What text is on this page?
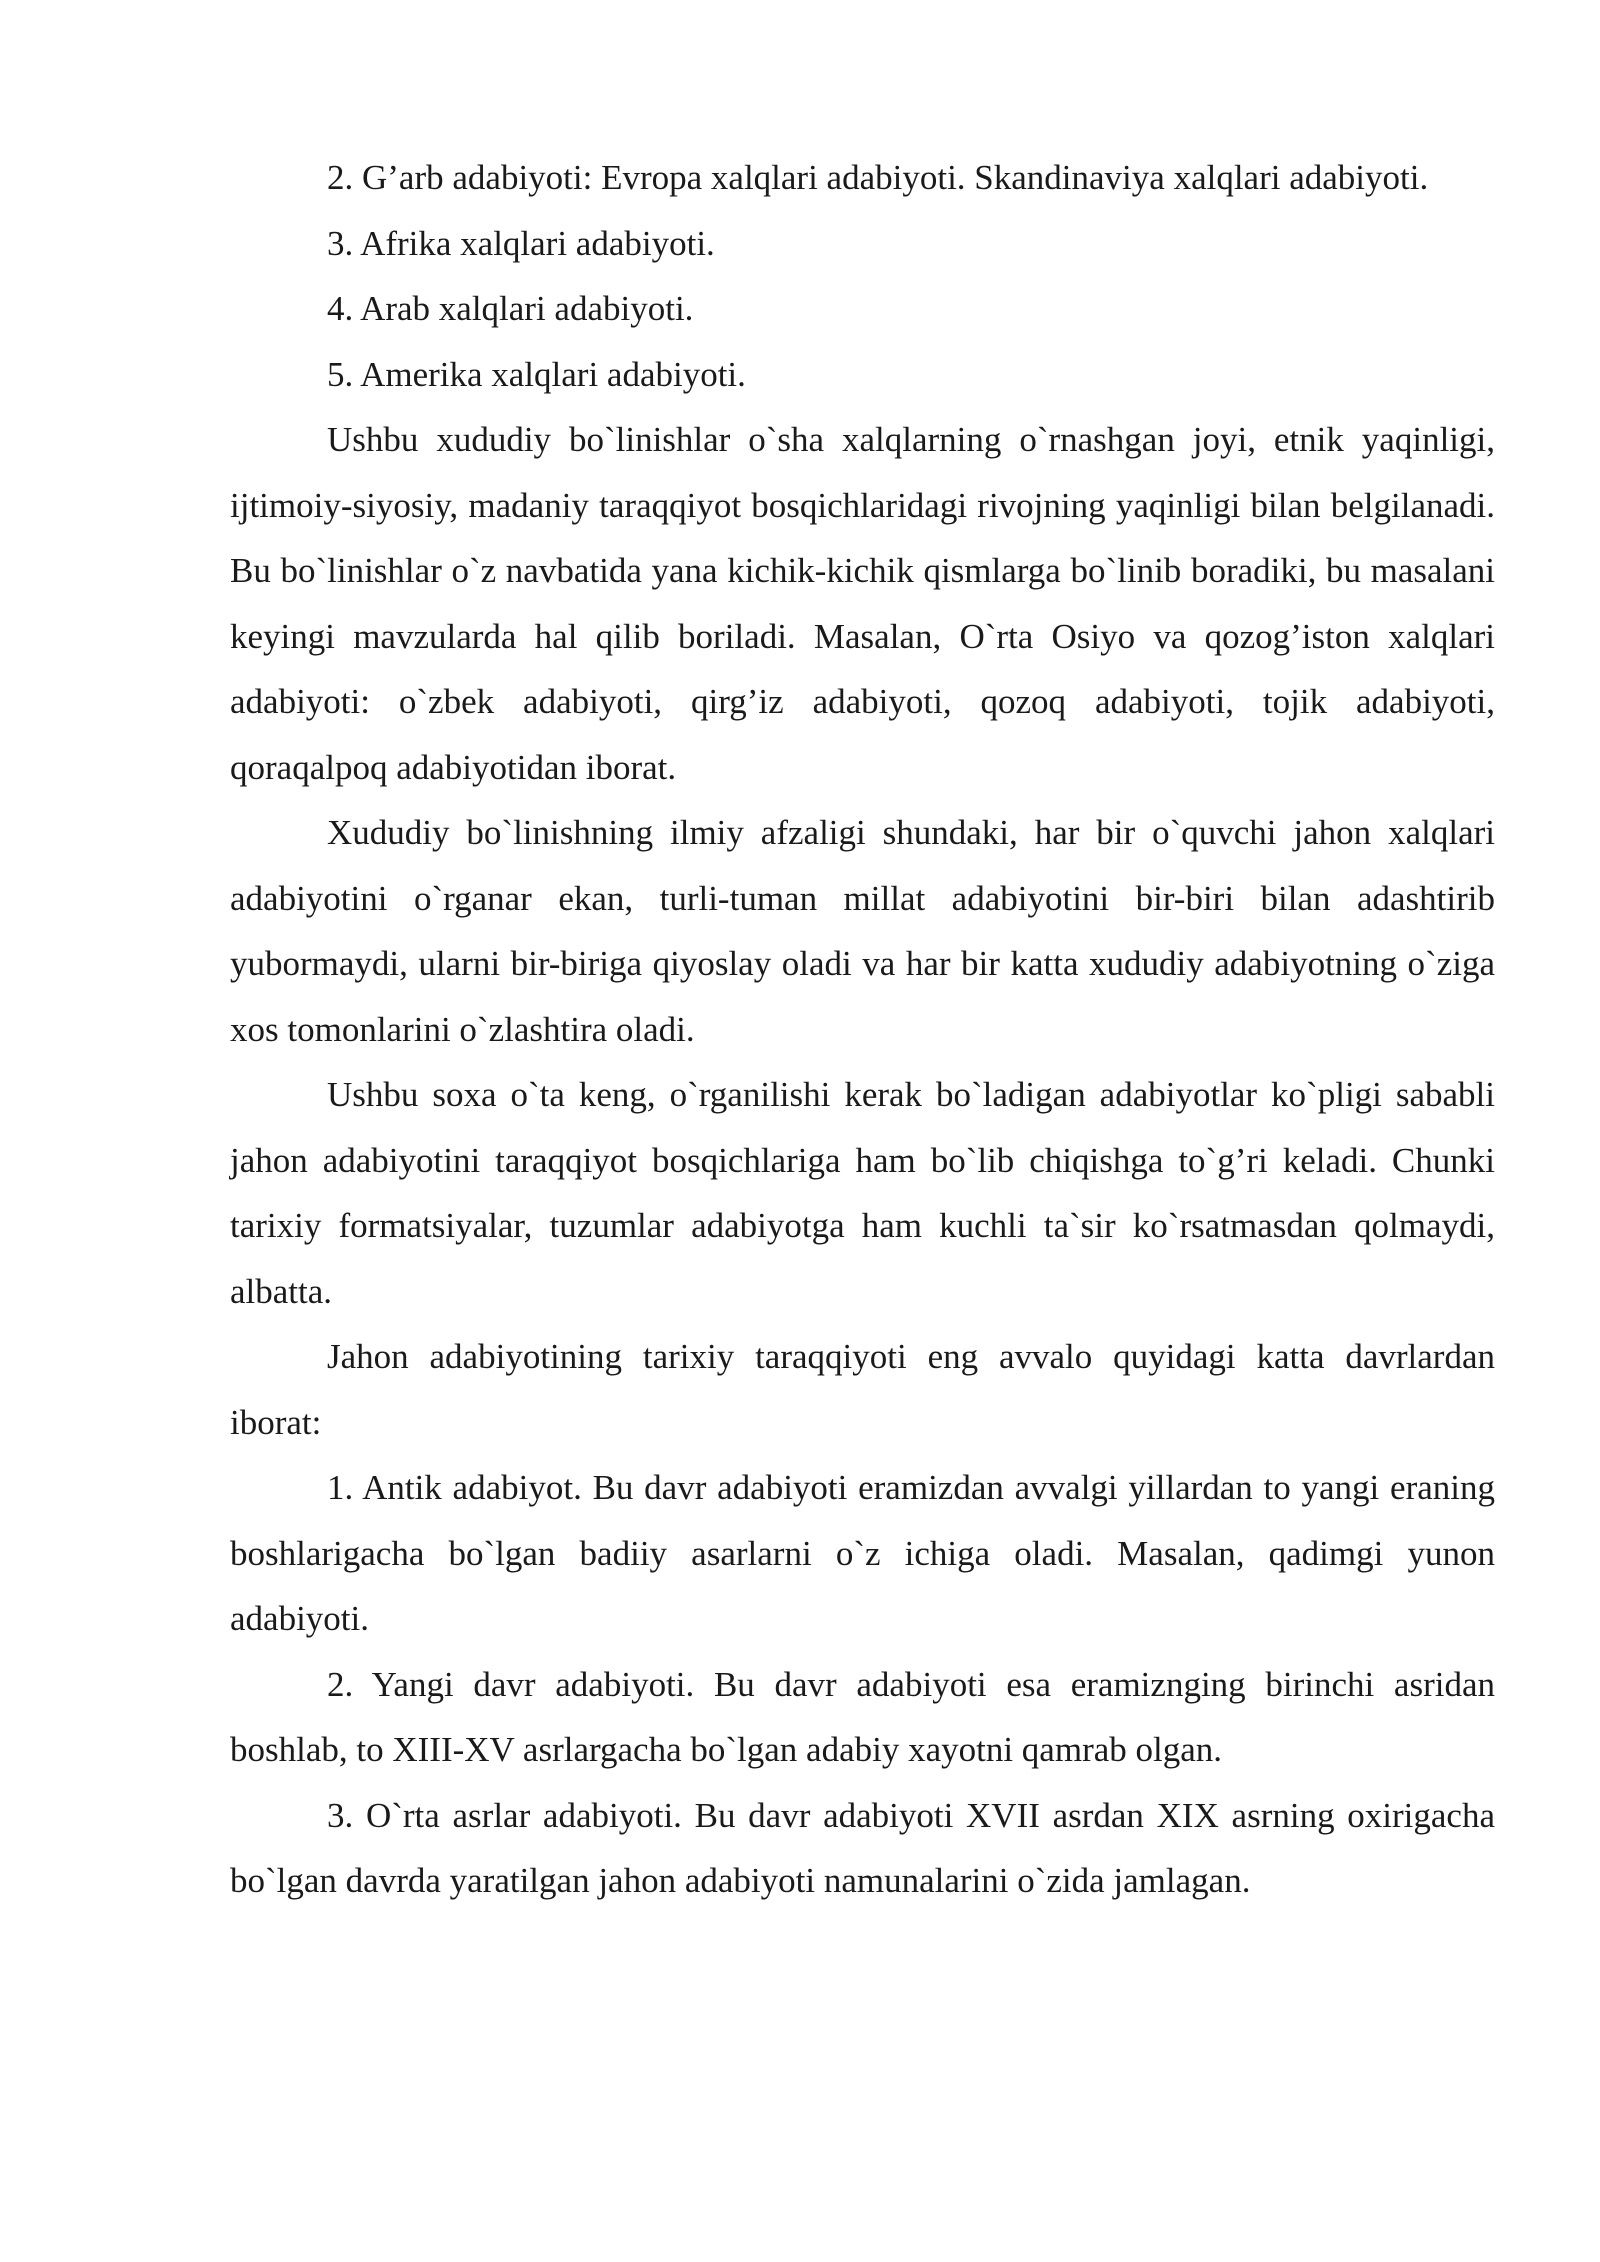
2. G’arb adabiyoti: Evropa xalqlari adabiyoti. Skandinaviya xalqlari adabiyoti.

3. Afrika xalqlari adabiyoti.

4. Arab xalqlari adabiyoti.

5. Amerika xalqlari adabiyoti.

Ushbu xududiy bo`linishlar o`sha xalqlarning o`rnashgan joyi, etnik yaqinligi, ijtimoiy-siyosiy, madaniy taraqqiyot bosqichlaridagi rivojning yaqinligi bilan belgilanadi. Bu bo`linishlar o`z navbatida yana kichik-kichik qismlarga bo`linib boradiki, bu masalani keyingi mavzularda hal qilib boriladi. Masalan, O`rta Osiyo va qozog’iston xalqlari adabiyoti: o`zbek adabiyoti, qirg’iz adabiyoti, qozoq adabiyoti, tojik adabiyoti, qoraqalpoq adabiyotidan iborat.

Xududiy bo`linishning ilmiy afzaligi shundaki, har bir o`quvchi jahon xalqlari adabiyotini o`rganar ekan, turli-tuman millat adabiyotini bir-biri bilan adashtirib yubormaydi, ularni bir-biriga qiyoslay oladi va har bir katta xududiy adabiyotning o`ziga xos tomonlarini o`zlashtira oladi.

Ushbu soxa o`ta keng, o`rganilishi kerak bo`ladigan adabiyotlar ko`pligi sababli jahon adabiyotini taraqqiyot bosqichlariga ham bo`lib chiqishga to`g’ri keladi. Chunki tarixiy formatsiyalar, tuzumlar adabiyotga ham kuchli ta`sir ko`rsatmasdan qolmaydi, albatta.

Jahon adabiyotining tarixiy taraqqiyoti eng avvalo quyidagi katta davrlardan iborat:

1. Antik adabiyot. Bu davr adabiyoti eramizdan avvalgi yillardan to yangi eraning boshlarigacha bo`lgan badiiy asarlarni o`z ichiga oladi. Masalan, qadimgi yunon adabiyoti.

2. Yangi davr adabiyoti. Bu davr adabiyoti esa eramiznging birinchi asridan boshlab, to XIII-XV asrlargacha bo`lgan adabiy xayotni qamrab olgan.

3. O`rta asrlar adabiyoti. Bu davr adabiyoti XVII asrdan XIX asrning oxirigacha bo`lgan davrda yaratilgan jahon adabiyoti namunalarini o`zida jamlagan.
